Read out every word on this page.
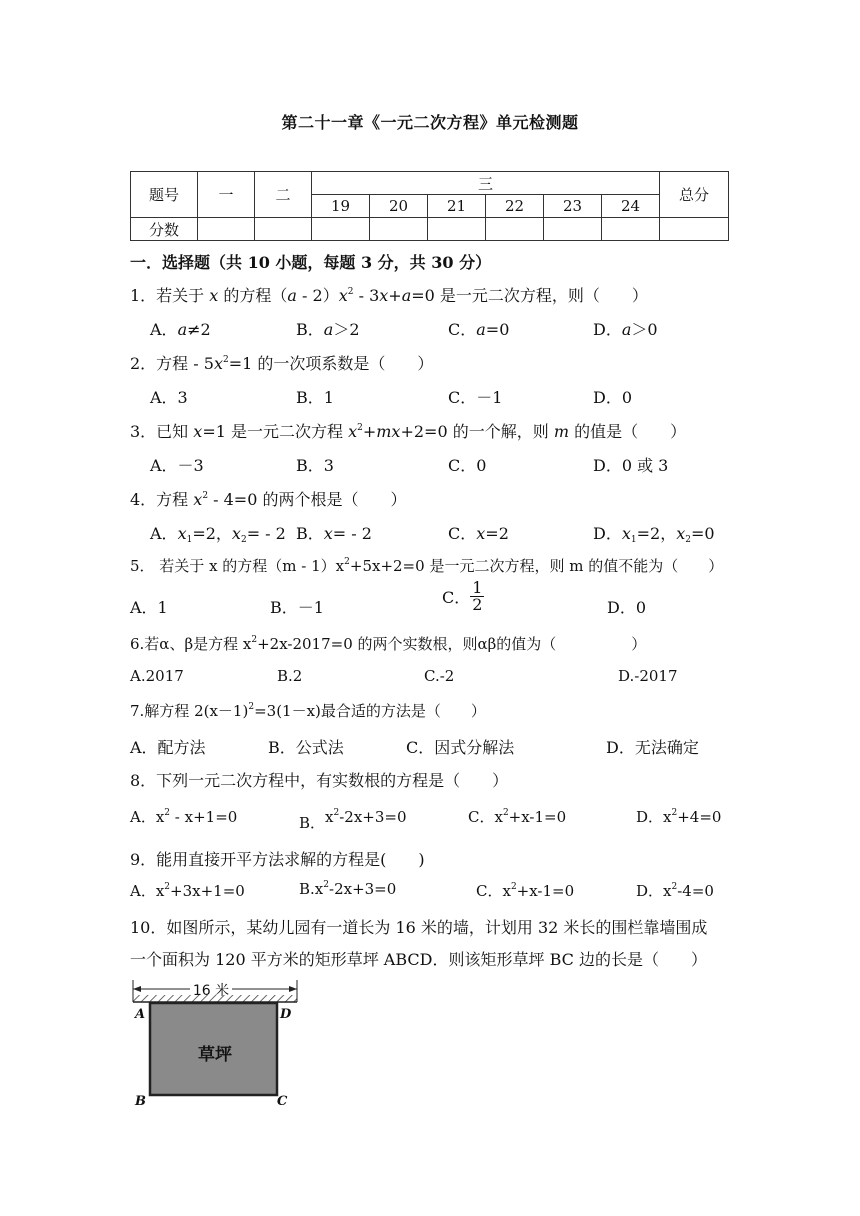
第二十一章《一元二次方程》单元检测题
题号	一	二	三						总分
			19	20	21	22	23	24	
分数									
一．选择题（共 10 小题，每题 3 分，共 30 分）
1．若关于 x 的方程$(a - 2)x^2 - 3x+a=0$ 是一元二次方程，则（　　）
A．a≠2	B．a＞2	C．a=0	D．a＞0
2．方程 - $5x^2=1$ 的一次项系数是（　　）
A．3	B．1	C．－1	D．0
3．已知 x=1 是一元二次方程 $x^2+mx+2=0$ 的一个解，则 m 的值是（　　）
A．－3	B．3	C．0	D．0 或 3
4．方程 $x^2 - 4=0$ 的两个根是（　　）
A．$x_1=2$，$x_2= - 2$ B．x= - 2	C．x=2	D．$x_1=2$，$x_2=0$
5． 若关于 x 的方程$(m - 1)x^2+5x+2=0$ 是一元二次方程，则 m 的值不能为（　　）
A．1	B．－1
C． $\frac{1}{2}$	D．0
6.若α、β是方程 $x^2+2x-2017=0$ 的两个实数根，则αβ的值为（　　　　　）
A.2017	B.2	C.-2	D.-2017
7.解方程 $2(x-1)^2=3(1-x)$最合适的方法是（　　）
A．配方法	B．公式法	C．因式分解法	D．无法确定
8．下列一元二次方程中，有实数根的方程是（　　）
A．$x^2 - x+1=0$	B．$x^2-2x+3=0$	C．$x^2+x-1=0$	D．$x^2+4=0$
9．能用直接开平方法求解的方程是(　　)
A．$x^2+3x+1=0$	$B.x^2-2x+3=0$	C．$x^2+x-1=0$	D．$x^2-4=0$
10．如图所示，某幼儿园有一道长为 16 米的墙，计划用 32 米长的围栏靠墙围成
一个面积为 120 平方米的矩形草坪 ABCD．则该矩形草坪 BC 边的长是（　　）
16 米
草坪
A	D
B	C
